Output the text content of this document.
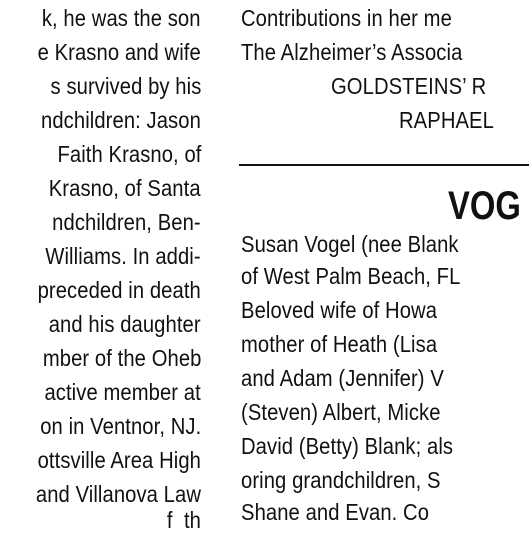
k, he was the son
e Krasno and wife
s survived by his
ndchildren: Jason
Faith Krasno, of
Krasno, of Santa
ndchildren, Ben-
Williams. In addi-
preceded in death
and his daughter
mber of the Oheb
active member at
on in Ventnor, NJ.
ottsville Area High
and Villanova Law
f  th
Contributions in her me
The Alzheimer’s Associa
GOLDSTEINS’ R
RAPHAEL
VOG
Susan Vogel (nee Blank
of West Palm Beach, FL
Beloved wife of Howa
mother of Heath (Lisa
and Adam (Jennifer) V
(Steven) Albert, Micke
David (Betty) Blank; als
oring grandchildren, S
Shane and Evan. Co
